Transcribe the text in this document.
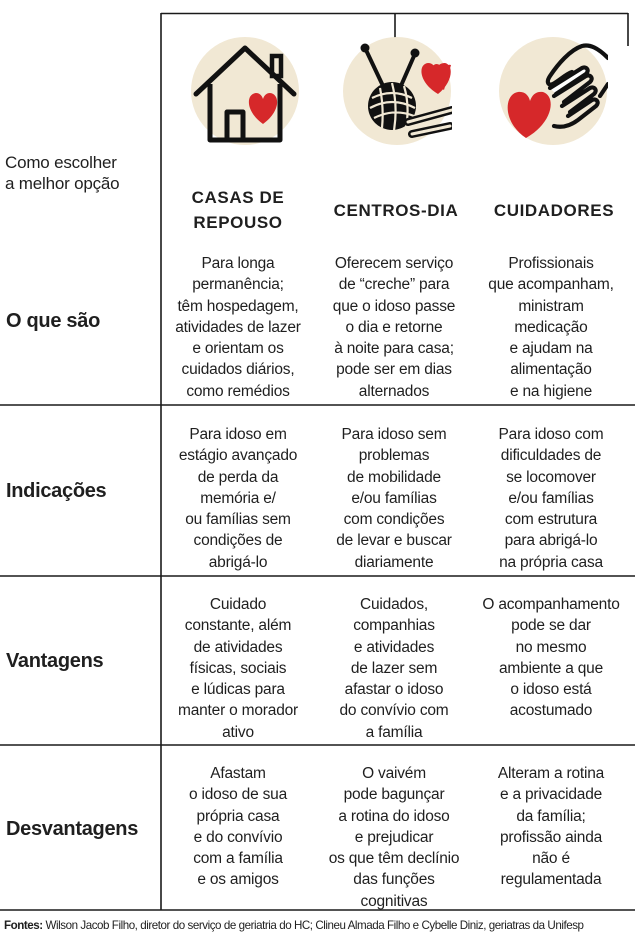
Como escolher
a melhor opção
CASAS DE
REPOUSO
CENTROS-DIA	CUIDADORES
O que são
Indicações
Vantagens
Desvantagens
Para longa
permanência;
têm hospedagem,
atividades de lazer
e orientam os
cuidados diários,
como remédios
Oferecem serviço
de “creche” para
que o idoso passe
o dia e retorne
à noite para casa;
pode ser em dias
alternados
Profissionais
que acompanham,
ministram
medicação
e ajudam na
alimentação
e na higiene
Para idoso em
estágio avançado
de perda da
memória e/
ou famílias sem
condições de
abrigá-lo
Para idoso sem
problemas
de mobilidade
e/ou famílias
com condições
de levar e buscar
diariamente
Para idoso com
dificuldades de
se locomover
e/ou famílias
com estrutura
para abrigá-lo
na própria casa
Cuidado
constante, além
de atividades
físicas, sociais
e lúdicas para
manter o morador
ativo
Cuidados,
companhias
e atividades
de lazer sem
afastar o idoso
do convívio com
a família
O acompanhamento
pode se dar
no mesmo
ambiente a que
o idoso está
acostumado
Afastam
o idoso de sua
própria casa
e do convívio
com a família
e os amigos
O vaivém
pode bagunçar
a rotina do idoso
e prejudicar
os que têm declínio
das funções
cognitivas
Alteram a rotina
e a privacidade
da família;
profissão ainda
não é
regulamentada
Fontes: Wilson Jacob Filho, diretor do serviço de geriatria do HC; Clineu Almada Filho e Cybelle Diniz, geriatras da Unifesp
